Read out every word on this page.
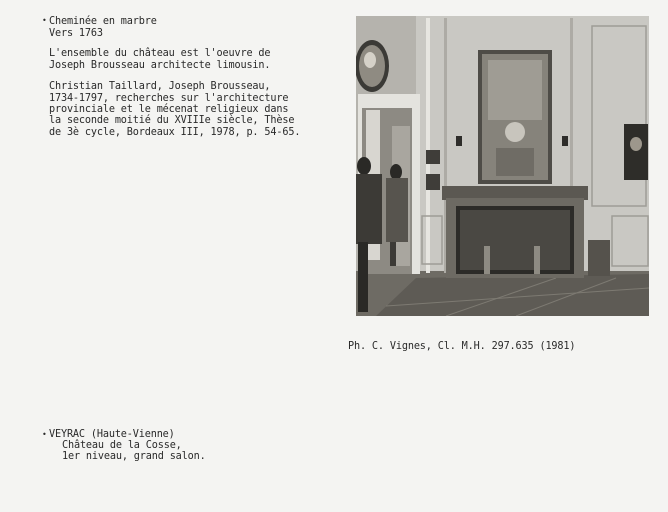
• Cheminée en marbre
Vers 1763
L'ensemble du château est l'oeuvre de
Joseph Brousseau architecte limousin.
Christian Taillard, Joseph Brousseau,
1734-1797, recherches sur l'architecture
provinciale et le mécenat religieux dans
la seconde moitié du XVIIIe siècle, Thèse
de 3è cycle, Bordeaux III, 1978, p. 54-65.
Ph. C. Vignes, Cl. M.H. 297.635 (1981)
• VEYRAC (Haute-Vienne)
Château de la Cosse,
1er niveau, grand salon.
